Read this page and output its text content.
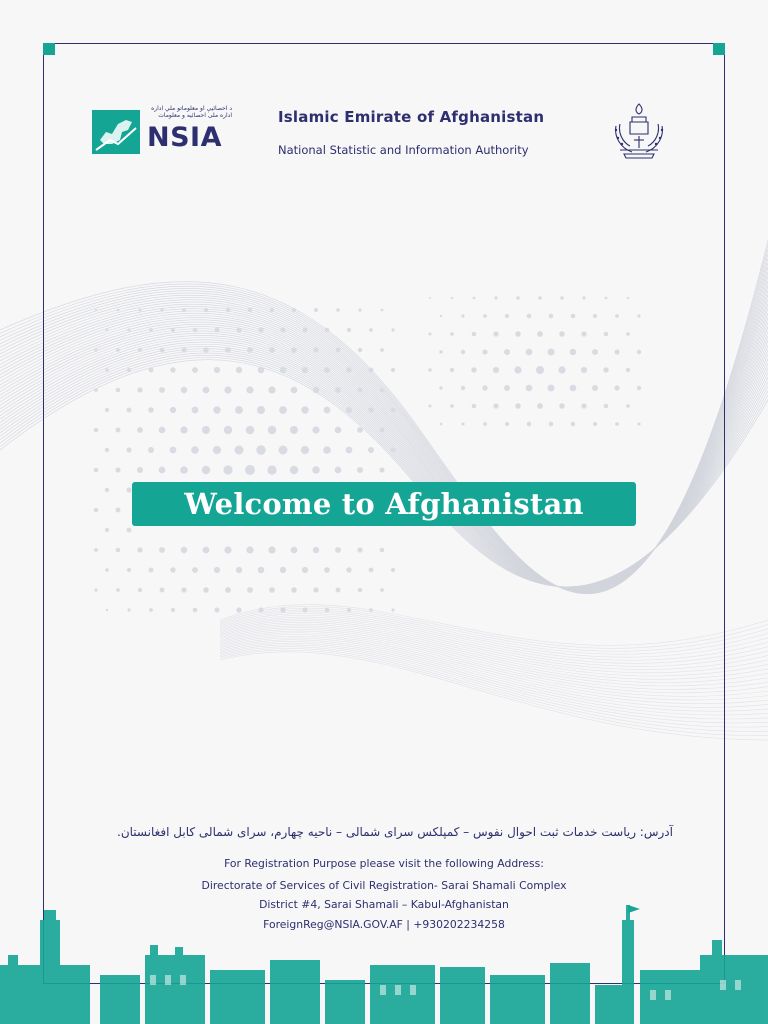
د احصائیې او معلوماتو ملي اداره اداره ملی احصائیه و معلومات
NSIA
Islamic Emirate of Afghanistan
National Statistic and Information Authority
Welcome to Afghanistan
آدرس: ریاست خدمات ثبت احوال نفوس – کمپلکس سرای شمالی – ناحیه چهارم، سرای شمالی کابل افغانستان.
For Registration Purpose please visit the following Address:
Directorate of Services of Civil Registration- Sarai Shamali Complex
District #4, Sarai Shamali – Kabul-Afghanistan
ForeignReg@NSIA.GOV.AF | +930202234258
